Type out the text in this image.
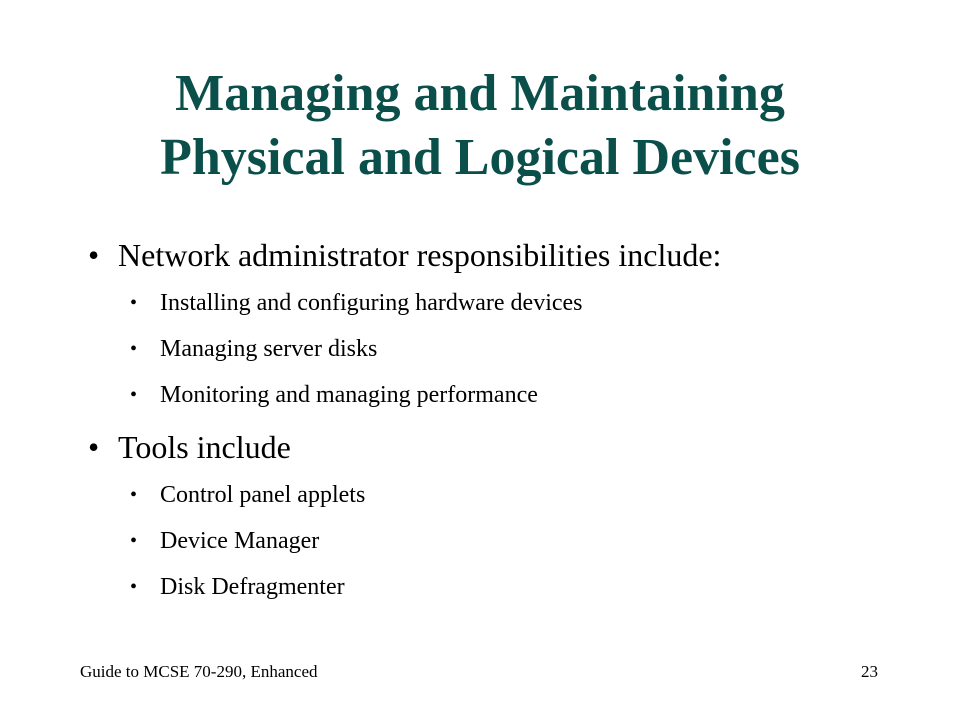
Managing and Maintaining
Physical and Logical Devices
• Network administrator responsibilities include:
• Installing and configuring hardware devices
• Managing server disks
• Monitoring and managing performance
• Tools include
• Control panel applets
• Device Manager
• Disk Defragmenter
Guide to MCSE 70-290, Enhanced	23
